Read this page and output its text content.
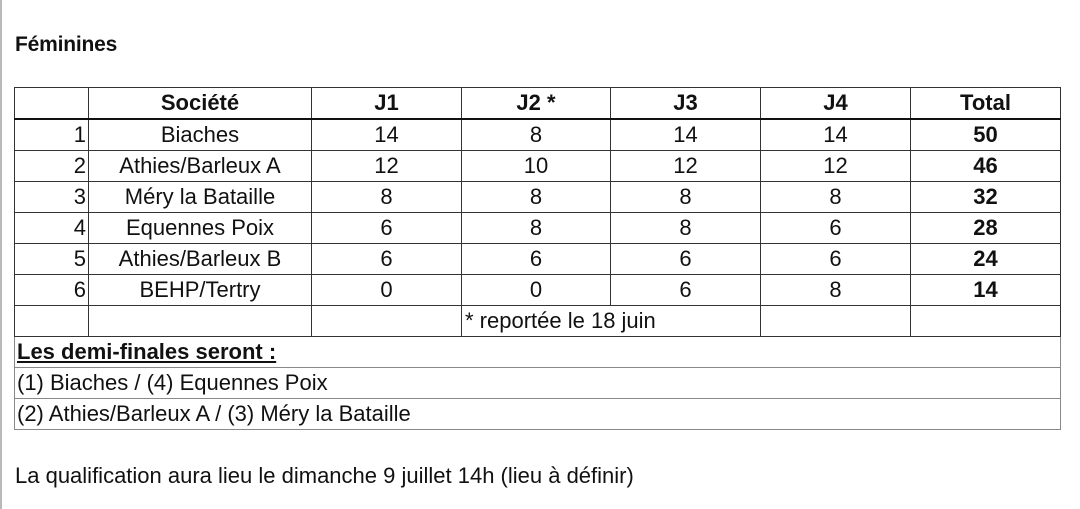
Féminines
	Société	J1	J2 *	J3	J4	Total
1	Biaches	14	8	14	14	50
2	Athies/Barleux A	12	10	12	12	46
3	Méry la Bataille	8	8	8	8	32
4	Equennes Poix	6	8	8	6	28
5	Athies/Barleux B	6	6	6	6	24
6	BEHP/Tertry	0	0	6	8	14
			* reportée le 18 juin			
Les demi-finales seront :						
(1) Biaches / (4) Equennes Poix						
(2) Athies/Barleux A / (3) Méry la Bataille						
La qualification aura lieu le dimanche 9 juillet 14h (lieu à définir)
